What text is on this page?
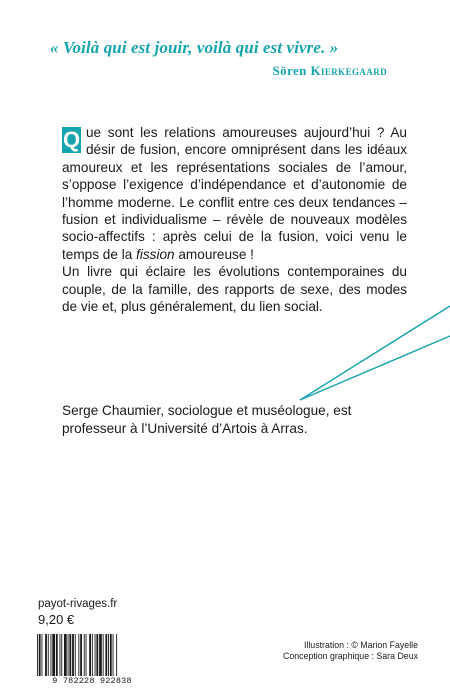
« Voilà qui est jouir, voilà qui est vivre. »
Sören Kierkegaard
Q ue sont les relations amoureuses aujourd’hui ? Au désir de fusion, encore omniprésent dans les idéaux amoureux et les représentations sociales de l’amour, s’oppose l’exigence d’indépendance et d’autonomie de l’homme moderne. Le conflit entre ces deux tendances – fusion et individualisme – révèle de nouveaux modèles socio-affectifs : après celui de la fusion, voici venu le temps de la fission amoureuse !
Un livre qui éclaire les évolutions contemporaines du couple, de la famille, des rapports de sexe, des modes de vie et, plus généralement, du lien social.
Serge Chaumier, sociologue et muséologue, est professeur à l’Université d’Artois à Arras.
payot-rivages.fr
9,20 €
9 782228 922838
Illustration : © Marion Fayelle
Conception graphique : Sara Deux
